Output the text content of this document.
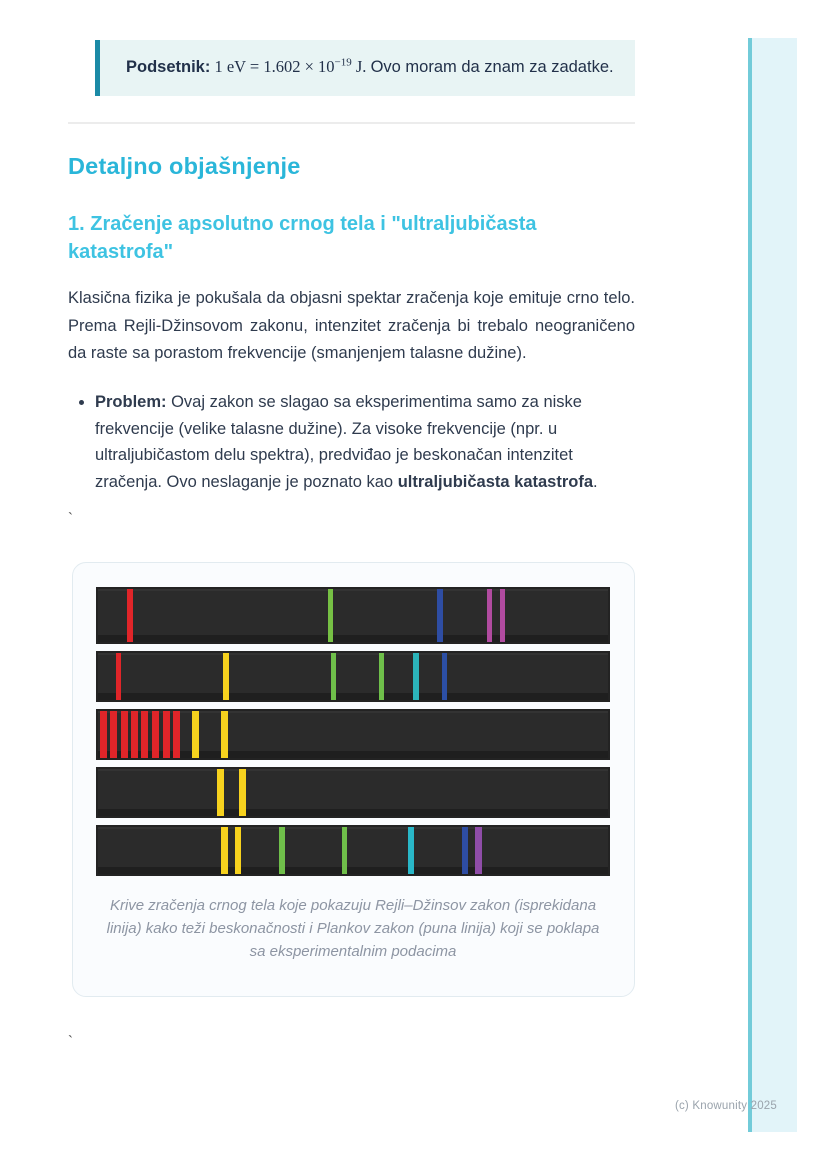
Podsetnik: 1 eV = $1.602 \times 10^{-19}$ J. Ovo moram da znam za zadatke.

Detaljno objašnjenje
1. Zračenje apsolutno crnog tela i "ultraljubičasta katastrofa"

Klasična fizika je pokušala da objasni spektar zračenja koje emituje crno telo. Prema Rejli-Džinsovom zakonu, intenzitet zračenja bi trebalo neograničeno da raste sa porastom frekvencije (smanjenjem talasne dužine).

• Problem: Ovaj zakon se slagao sa eksperimentima samo za niske frekvencije (velike talasne dužine). Za visoke frekvencije (npr. u ultraljubičastom delu spektra), predviđao je beskonačan intenzitet zračenja. Ovo neslaganje je poznato kao ultraljubičasta katastrofa.
`
Krive zračenja crnog tela koje pokazuju Rejli–Džinsov zakon (isprekidana linija) kako teži beskonačnosti i Plankov zakon (puna linija) koji se poklapa sa eksperimentalnim podacima
`
(c) Knowunity 2025
